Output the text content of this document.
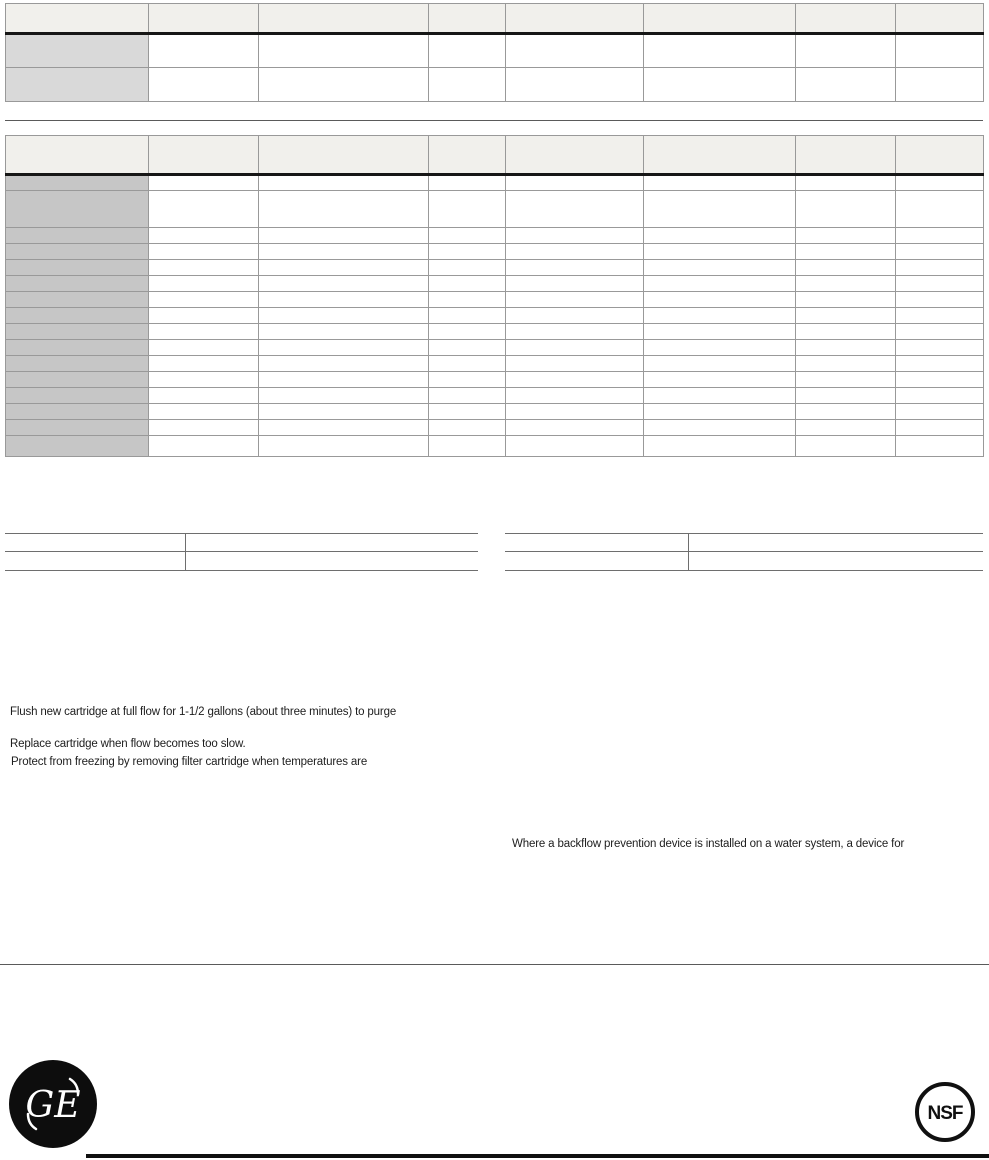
Flush new cartridge at full flow for 1-1/2 gallons (about three minutes) to purge
Replace cartridge when flow becomes too slow.
Protect from freezing by removing filter cartridge when temperatures are
Where a backflow prevention device is installed on a water system, a device for
GE	NSF
